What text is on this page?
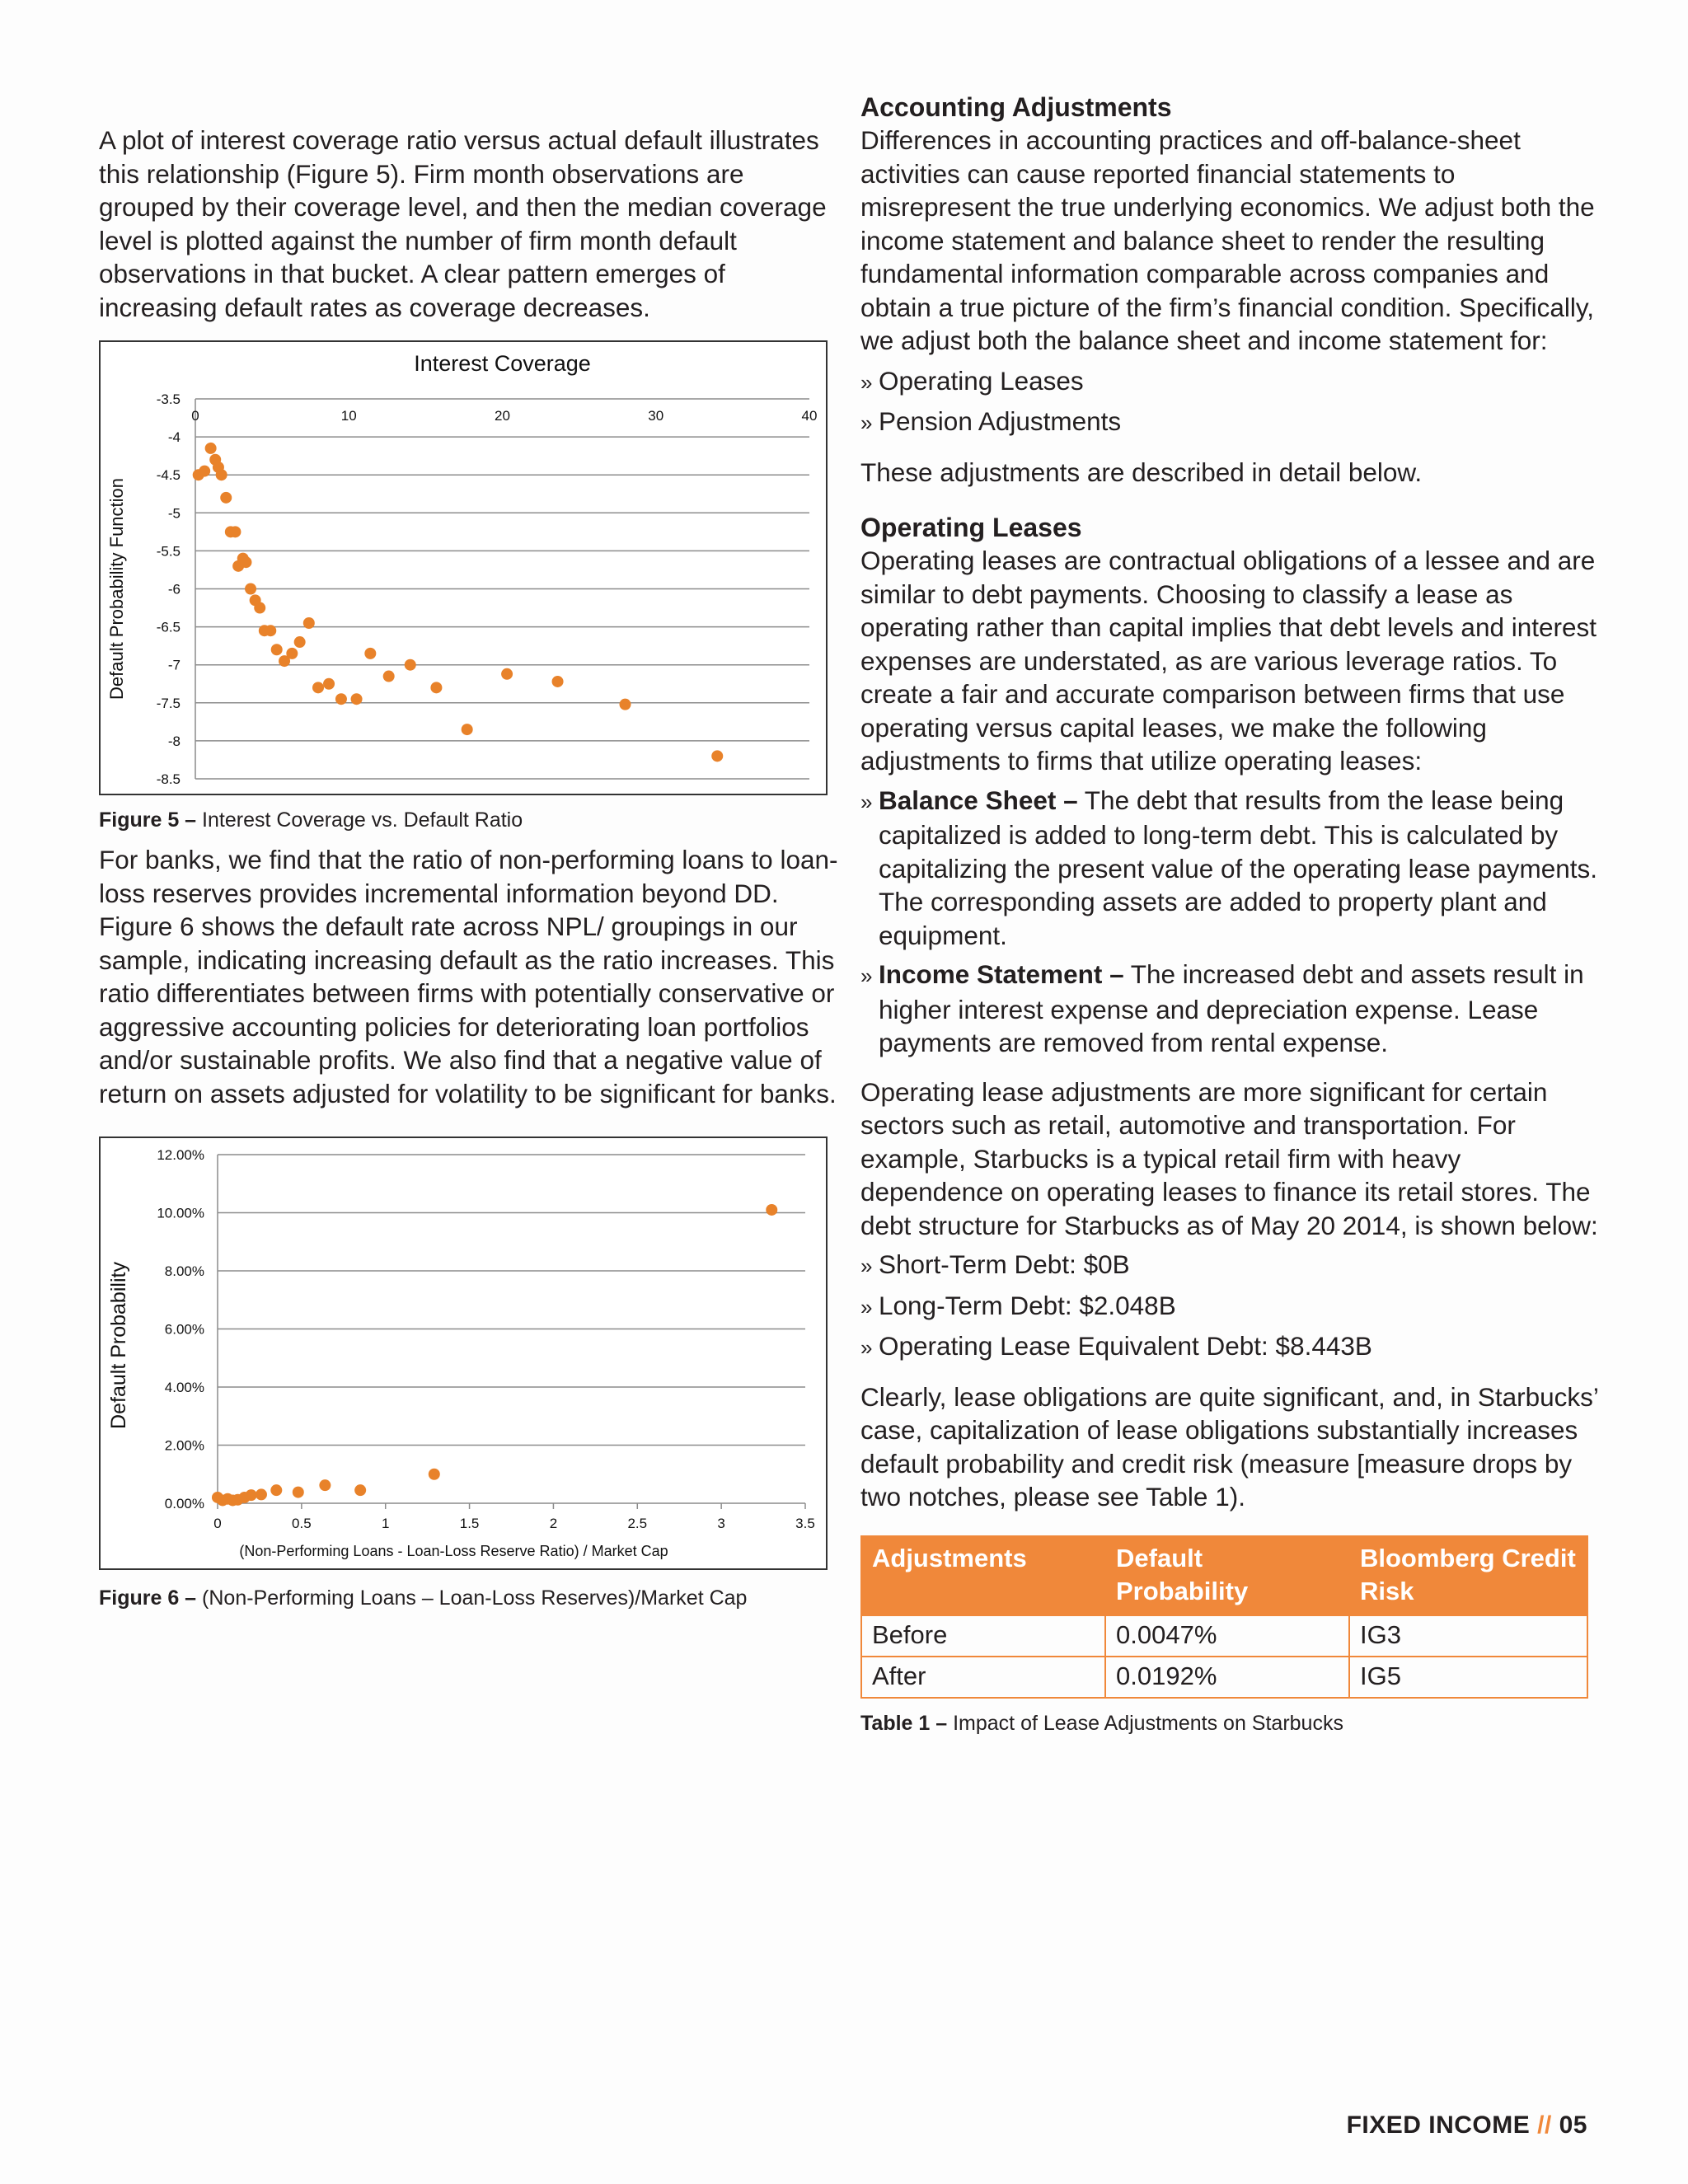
A plot of interest coverage ratio versus actual default illustrates this relationship (Figure 5). Firm month observations are grouped by their coverage level, and then the median coverage level is plotted against the number of firm month default observations in that bucket. A clear pattern emerges of increasing default rates as coverage decreases.

Interest Coverage
-3.5
-4
-4.5
-5
-5.5
-6
-6.5
-7
-7.5
-8
-8.5
0	10	20	30	40
Default Probability Function

Figure 5 – Interest Coverage vs. Default Ratio

For banks, we find that the ratio of non-performing loans to loan-loss reserves provides incremental information beyond DD. Figure 6 shows the default rate across NPL/ groupings in our sample, indicating increasing default as the ratio increases. This ratio differentiates between firms with potentially conservative or aggressive accounting policies for deteriorating loan portfolios and/or sustainable profits. We also find that a negative value of return on assets adjusted for volatility to be significant for banks.

0.00%
2.00%
4.00%
6.00%
8.00%
10.00%
12.00%
0	0.5	1	1.5	2	2.5	3	3.5
(Non-Performing Loans - Loan-Loss Reserve Ratio) / Market Cap
Default Probability

Figure 6 – (Non-Performing Loans – Loan-Loss Reserves)/Market Cap

Accounting Adjustments

Differences in accounting practices and off-balance-sheet activities can cause reported financial statements to misrepresent the true underlying economics. We adjust both the income statement and balance sheet to render the resulting fundamental information comparable across companies and obtain a true picture of the firm’s financial condition. Specifically, we adjust both the balance sheet and income statement for:

» Operating Leases

» Pension Adjustments

These adjustments are described in detail below.

Operating Leases

Operating leases are contractual obligations of a lessee and are similar to debt payments. Choosing to classify a lease as operating rather than capital implies that debt levels and interest expenses are understated, as are various leverage ratios. To create a fair and accurate comparison between firms that use operating versus capital leases, we make the following adjustments to firms that utilize operating leases:

» Balance Sheet – The debt that results from the lease being capitalized is added to long-term debt. This is calculated by capitalizing the present value of the operating lease payments. The corresponding assets are added to property plant and equipment.

» Income Statement – The increased debt and assets result in higher interest expense and depreciation expense. Lease payments are removed from rental expense.

Operating lease adjustments are more significant for certain sectors such as retail, automotive and transportation. For example, Starbucks is a typical retail firm with heavy dependence on operating leases to finance its retail stores. The debt structure for Starbucks as of May 20 2014, is shown below:

» Short-Term Debt: $0B

» Long-Term Debt: $2.048B

» Operating Lease Equivalent Debt: $8.443B

Clearly, lease obligations are quite significant, and, in Starbucks’ case, capitalization of lease obligations substantially increases default probability and credit risk (measure [measure drops by two notches, please see Table 1).

Adjustments	Default Probability	Bloomberg Credit Risk
Before	0.0047%	IG3
After	0.0192%	IG5

Table 1 – Impact of Lease Adjustments on Starbucks

FIXED INCOME // 05
